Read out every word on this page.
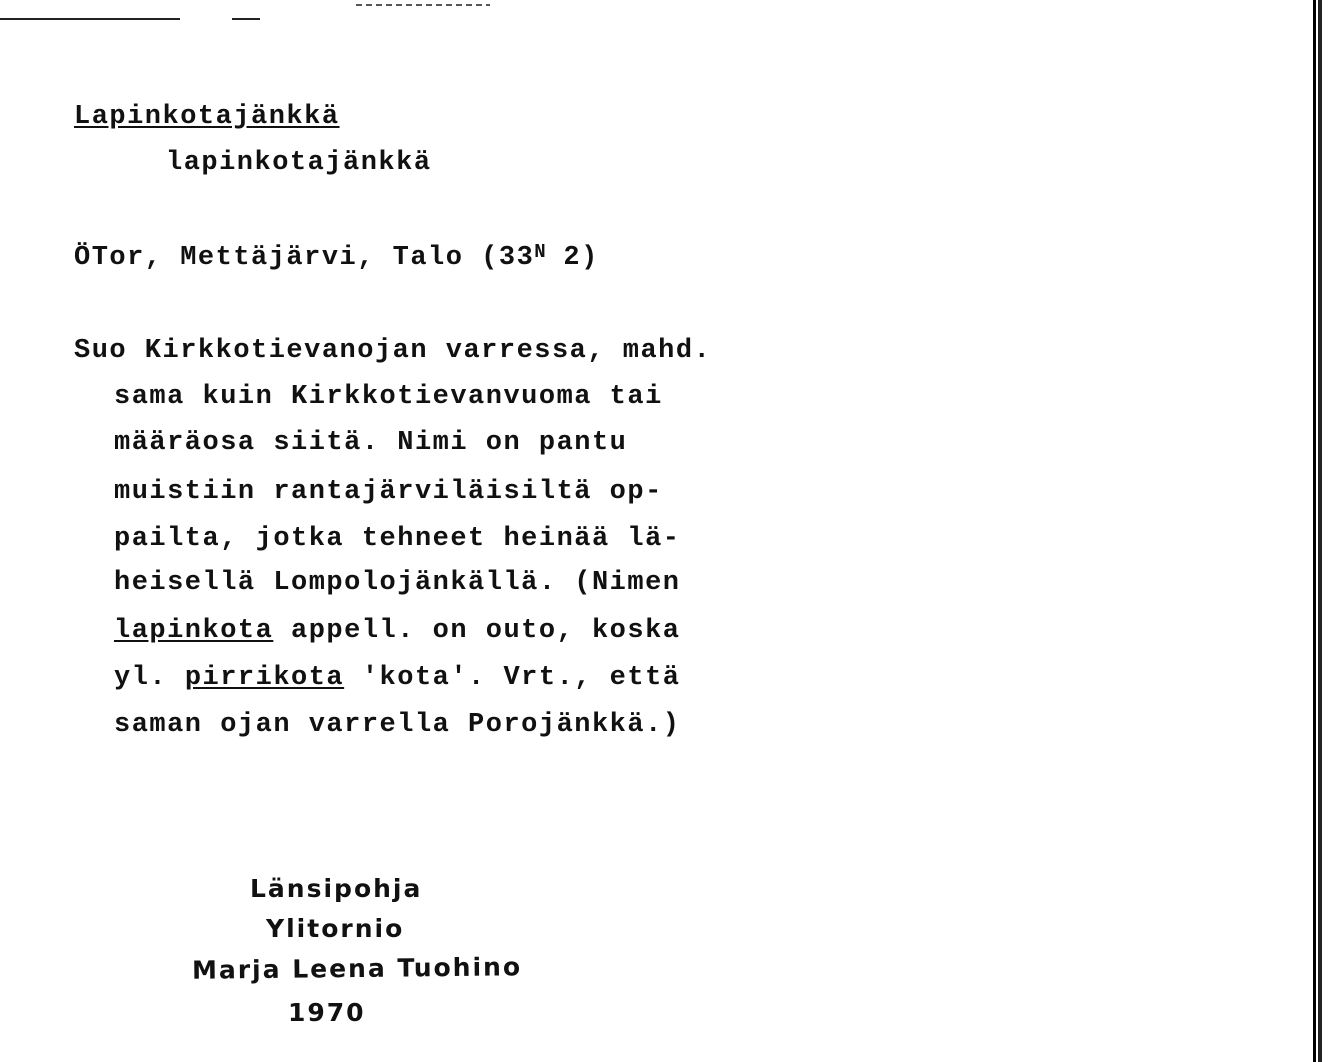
Lapinkotajänkkä
lapinkotajänkkä
ÖTor, Mettäjärvi, Talo ($33^N$ 2)
Suo Kirkkotievanojan varressa, mahd.
sama kuin Kirkkotievanvuoma tai
määräosa siitä. Nimi on pantu
muistiin rantajärviläisiltä op-
pailta, jotka tehneet heinää lä-
heisellä Lompolojänkällä. (Nimen
lapinkota appell. on outo, koska
yl. pirrikota 'kota'. Vrt., että
saman ojan varrella Porojänkkä.)
Länsipohja
Ylitornio
Marja Leena Tuohino
1970
